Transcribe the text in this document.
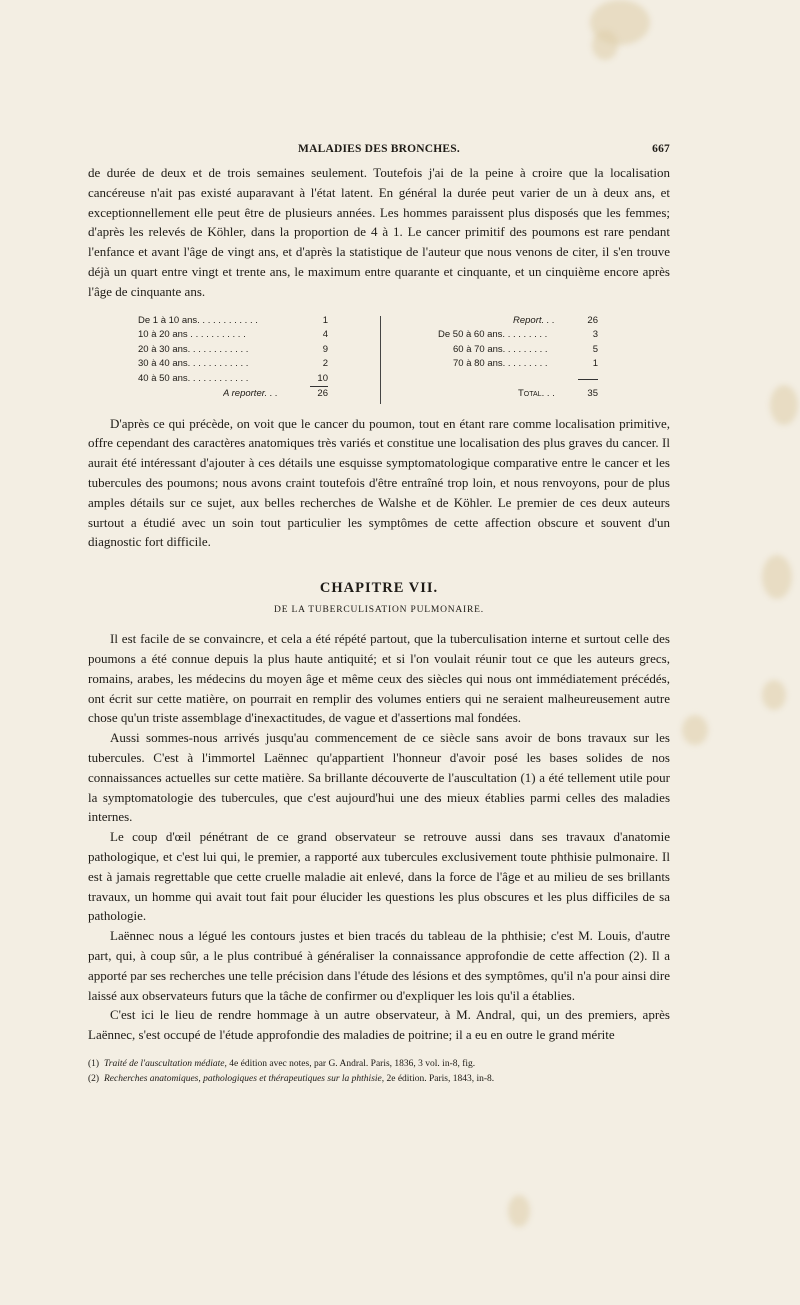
MALADIES DES BRONCHES.	667

de durée de deux et de trois semaines seulement. Toutefois j'ai de la peine à croire que la localisation cancéreuse n'ait pas existé auparavant à l'état latent. En général la durée peut varier de un à deux ans, et exceptionnellement elle peut être de plusieurs années. Les hommes paraissent plus disposés que les femmes; d'après les relevés de Köhler, dans la proportion de 4 à 1. Le cancer primitif des poumons est rare pendant l'enfance et avant l'âge de vingt ans, et d'après la statistique de l'auteur que nous venons de citer, il s'en trouve déjà un quart entre vingt et trente ans, le maximum entre quarante et cinquante, et un cinquième encore après l'âge de cinquante ans.

De 1 à 10 ans. . . . . . . . . . . .	1
10 à 20 ans . . . . . . . . . . .	4
20 à 30 ans. . . . . . . . . . . .	9
30 à 40 ans. . . . . . . . . . . .	2
40 à 50 ans. . . . . . . . . . . .	10
A reporter. . .	26
Report. . .	26
De 50 à 60 ans. . . . . . . . .	3
60 à 70 ans. . . . . . . . .	5
70 à 80 ans. . . . . . . . .	1
Total. . .	35

D'après ce qui précède, on voit que le cancer du poumon, tout en étant rare comme localisation primitive, offre cependant des caractères anatomiques très variés et constitue une localisation des plus graves du cancer. Il aurait été intéressant d'ajouter à ces détails une esquisse symptomatologique comparative entre le cancer et les tubercules des poumons; nous avons craint toutefois d'être entraîné trop loin, et nous renvoyons, pour de plus amples détails sur ce sujet, aux belles recherches de Walshe et de Köhler. Le premier de ces deux auteurs surtout a étudié avec un soin tout particulier les symptômes de cette affection obscure et souvent d'un diagnostic fort difficile.

CHAPITRE VII.
DE LA TUBERCULISATION PULMONAIRE.

Il est facile de se convaincre, et cela a été répété partout, que la tuberculisation interne et surtout celle des poumons a été connue depuis la plus haute antiquité; et si l'on voulait réunir tout ce que les auteurs grecs, romains, arabes, les médecins du moyen âge et même ceux des siècles qui nous ont immédiatement précédés, ont écrit sur cette matière, on pourrait en remplir des volumes entiers qui ne seraient malheureusement autre chose qu'un triste assemblage d'inexactitudes, de vague et d'assertions mal fondées.

Aussi sommes-nous arrivés jusqu'au commencement de ce siècle sans avoir de bons travaux sur les tubercules. C'est à l'immortel Laënnec qu'appartient l'honneur d'avoir posé les bases solides de nos connaissances actuelles sur cette matière. Sa brillante découverte de l'auscultation (1) a été tellement utile pour la symptomatologie des tubercules, que c'est aujourd'hui une des mieux établies parmi celles des maladies internes.

Le coup d'œil pénétrant de ce grand observateur se retrouve aussi dans ses travaux d'anatomie pathologique, et c'est lui qui, le premier, a rapporté aux tubercules exclusivement toute phthisie pulmonaire. Il est à jamais regrettable que cette cruelle maladie ait enlevé, dans la force de l'âge et au milieu de ses brillants travaux, un homme qui avait tout fait pour élucider les questions les plus obscures et les plus difficiles de sa pathologie.

Laënnec nous a légué les contours justes et bien tracés du tableau de la phthisie; c'est M. Louis, d'autre part, qui, à coup sûr, a le plus contribué à généraliser la connaissance approfondie de cette affection (2). Il a apporté par ses recherches une telle précision dans l'étude des lésions et des symptômes, qu'il n'a pour ainsi dire laissé aux observateurs futurs que la tâche de confirmer ou d'expliquer les lois qu'il a établies.

C'est ici le lieu de rendre hommage à un autre observateur, à M. Andral, qui, un des premiers, après Laënnec, s'est occupé de l'étude approfondie des maladies de poitrine; il a eu en outre le grand mérite

(1) Traité de l'auscultation médiate, 4e édition avec notes, par G. Andral. Paris, 1836, 3 vol. in-8, fig.
(2) Recherches anatomiques, pathologiques et thérapeutiques sur la phthisie, 2e édition. Paris, 1843, in-8.
